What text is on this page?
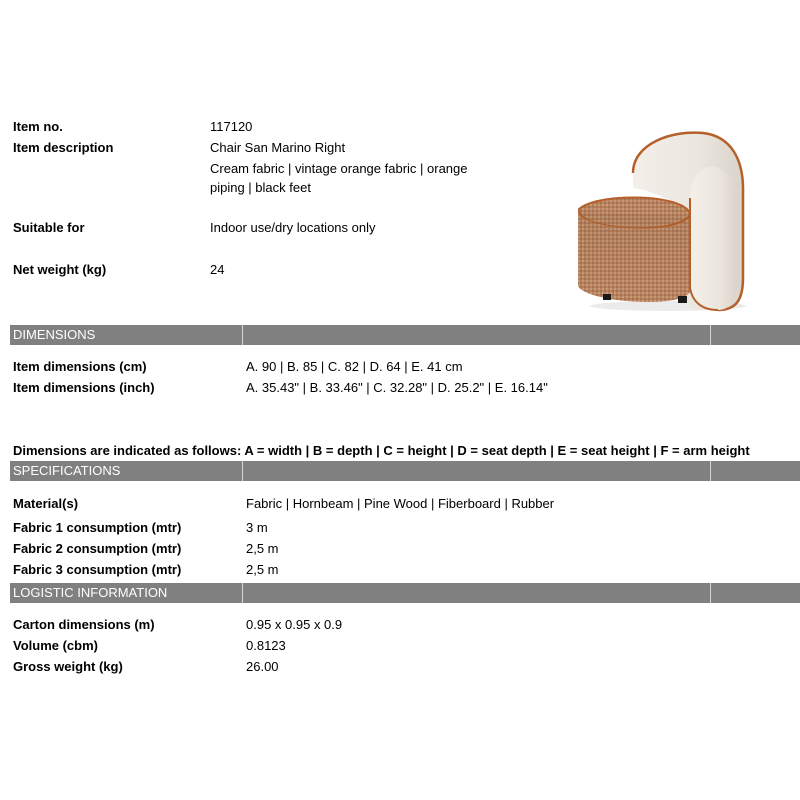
Item no.	117120
Item description	Chair San Marino Right
Cream fabric | vintage orange fabric | orange
piping | black feet
Suitable for	Indoor use/dry locations only
Net weight (kg)	24
DIMENSIONS
Item dimensions (cm)	A. 90 | B. 85 | C. 82 | D. 64 | E. 41 cm
Item dimensions (inch)	A. 35.43" | B. 33.46" | C. 32.28" | D. 25.2" | E. 16.14"
Dimensions are indicated as follows: A = width | B = depth | C = height | D = seat depth | E = seat height | F = arm height
SPECIFICATIONS
Material(s)	Fabric | Hornbeam | Pine Wood | Fiberboard | Rubber
Fabric 1 consumption (mtr)	3 m
Fabric 2 consumption (mtr)	2,5 m
Fabric 3 consumption (mtr)	2,5 m
LOGISTIC INFORMATION
Carton dimensions (m)	0.95 x 0.95 x 0.9
Volume (cbm)	0.8123
Gross weight (kg)	26.00
